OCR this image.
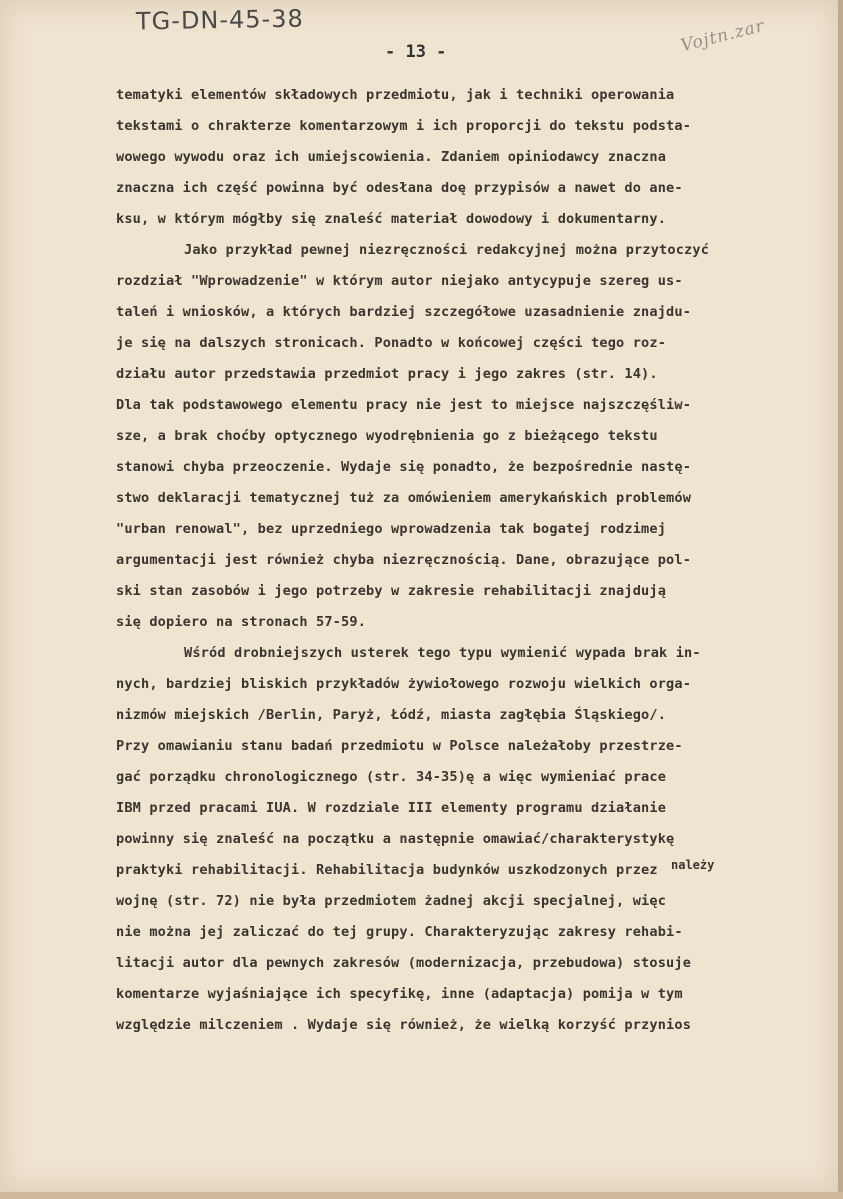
TG-DN-45-38
- 13 -	Vojtn.zar
należy
tematyki elementów składowych przedmiotu, jak i techniki operowania
tekstami o chrakterze komentarzowym i ich proporcji do tekstu podsta-
wowego wywodu oraz ich umiejscowienia. Zdaniem opiniodawcy znaczna
znaczna ich część powinna być odesłana doę przypisów a nawet do ane-
ksu, w którym mógłby się znaleść materiał dowodowy i dokumentarny.
Jako przykład pewnej niezręczności redakcyjnej można przytoczyć
rozdział "Wprowadzenie" w którym autor niejako antycypuje szereg us-
taleń i wniosków, a których bardziej szczegółowe uzasadnienie znajdu-
je się na dalszych stronicach. Ponadto w końcowej części tego roz-
działu autor przedstawia przedmiot pracy i jego zakres (str. 14).
Dla tak podstawowego elementu pracy nie jest to miejsce najszczęśliw-
sze, a brak choćby optycznego wyodrębnienia go z bieżącego tekstu
stanowi chyba przeoczenie. Wydaje się ponadto, że bezpośrednie nastę-
stwo deklaracji tematycznej tuż za omówieniem amerykańskich problemów
"urban renowal", bez uprzedniego wprowadzenia tak bogatej rodzimej
argumentacji jest również chyba niezręcznością. Dane, obrazujące pol-
ski stan zasobów i jego potrzeby w zakresie rehabilitacji znajdują
się dopiero na stronach 57-59.
Wśród drobniejszych usterek tego typu wymienić wypada brak in-
nych, bardziej bliskich przykładów żywiołowego rozwoju wielkich orga-
nizmów miejskich /Berlin, Paryż, Łódź, miasta zagłębia Śląskiego/.
Przy omawianiu stanu badań przedmiotu w Polsce należałoby przestrze-
gać porządku chronologicznego (str. 34-35)ę a więc wymieniać prace
IBM przed pracami IUA. W rozdziale III elementy programu działanie
powinny się znaleść na początku a następnie omawiać/charakterystykę
praktyki rehabilitacji. Rehabilitacja budynków uszkodzonych przez
wojnę (str. 72) nie była przedmiotem żadnej akcji specjalnej, więc
nie można jej zaliczać do tej grupy. Charakteryzując zakresy rehabi-
litacji autor dla pewnych zakresów (modernizacja, przebudowa) stosuje
komentarze wyjaśniające ich specyfikę, inne (adaptacja) pomija w tym
względzie milczeniem . Wydaje się również, że wielką korzyść przynios
